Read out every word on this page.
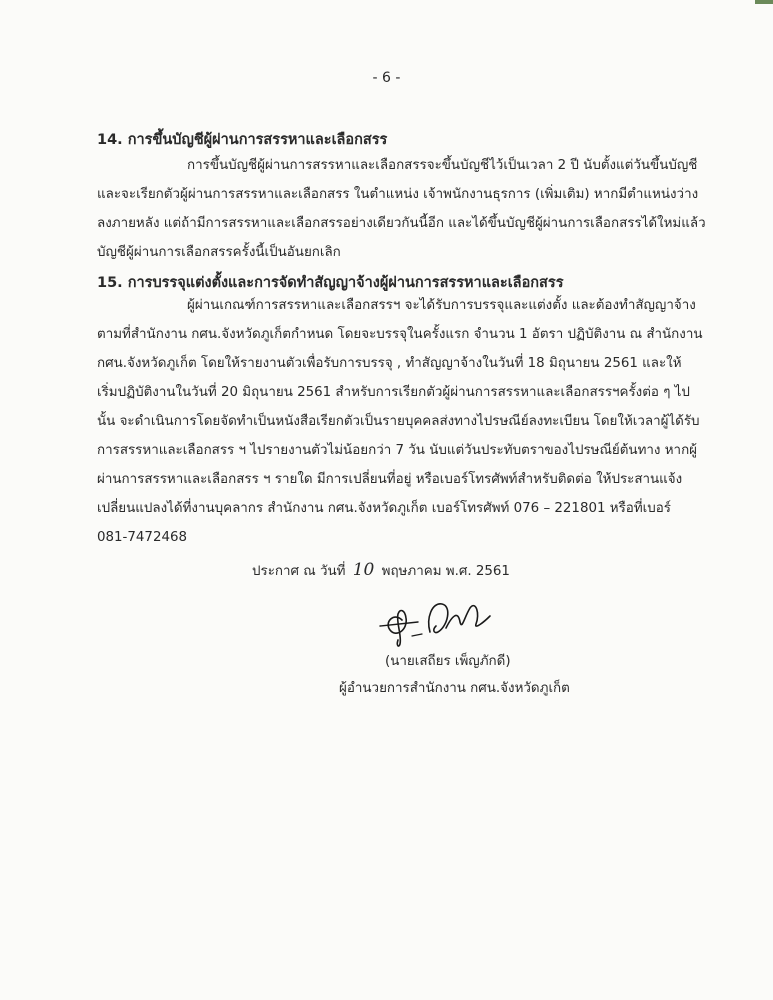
- 6 -
14. การขึ้นบัญชีผู้ผ่านการสรรหาและเลือกสรร
การขึ้นบัญชีผู้ผ่านการสรรหาและเลือกสรรจะขึ้นบัญชีไว้เป็นเวลา 2 ปี นับตั้งแต่วันขึ้นบัญชี
และจะเรียกตัวผู้ผ่านการสรรหาและเลือกสรร ในตำแหน่ง เจ้าพนักงานธุรการ (เพิ่มเติม) หากมีตำแหน่งว่าง
ลงภายหลัง แต่ถ้ามีการสรรหาและเลือกสรรอย่างเดียวกันนี้อีก และได้ขึ้นบัญชีผู้ผ่านการเลือกสรรได้ใหม่แล้ว
บัญชีผู้ผ่านการเลือกสรรครั้งนี้เป็นอันยกเลิก
15. การบรรจุแต่งตั้งและการจัดทำสัญญาจ้างผู้ผ่านการสรรหาและเลือกสรร
ผู้ผ่านเกณฑ์การสรรหาและเลือกสรรฯ จะได้รับการบรรจุและแต่งตั้ง และต้องทำสัญญาจ้าง
ตามที่สำนักงาน กศน.จังหวัดภูเก็ตกำหนด โดยจะบรรจุในครั้งแรก จำนวน 1 อัตรา ปฏิบัติงาน ณ สำนักงาน
กศน.จังหวัดภูเก็ต โดยให้รายงานตัวเพื่อรับการบรรจุ , ทำสัญญาจ้างในวันที่ 18 มิถุนายน 2561 และให้
เริ่มปฏิบัติงานในวันที่ 20 มิถุนายน 2561 สำหรับการเรียกตัวผู้ผ่านการสรรหาและเลือกสรรฯครั้งต่อ ๆ ไป
นั้น จะดำเนินการโดยจัดทำเป็นหนังสือเรียกตัวเป็นรายบุคคลส่งทางไปรษณีย์ลงทะเบียน โดยให้เวลาผู้ได้รับ
การสรรหาและเลือกสรร ฯ ไปรายงานตัวไม่น้อยกว่า 7 วัน นับแต่วันประทับตราของไปรษณีย์ต้นทาง หากผู้
ผ่านการสรรหาและเลือกสรร ฯ รายใด มีการเปลี่ยนที่อยู่ หรือเบอร์โทรศัพท์สำหรับติดต่อ ให้ประสานแจ้ง
เปลี่ยนแปลงได้ที่งานบุคลากร สำนักงาน กศน.จังหวัดภูเก็ต เบอร์โทรศัพท์ 076 – 221801 หรือที่เบอร์
081-7472468
ประกาศ ณ วันที่ 10 พฤษภาคม พ.ศ. 2561
(นายเสถียร เพ็ญภักดี)
ผู้อำนวยการสำนักงาน กศน.จังหวัดภูเก็ต
